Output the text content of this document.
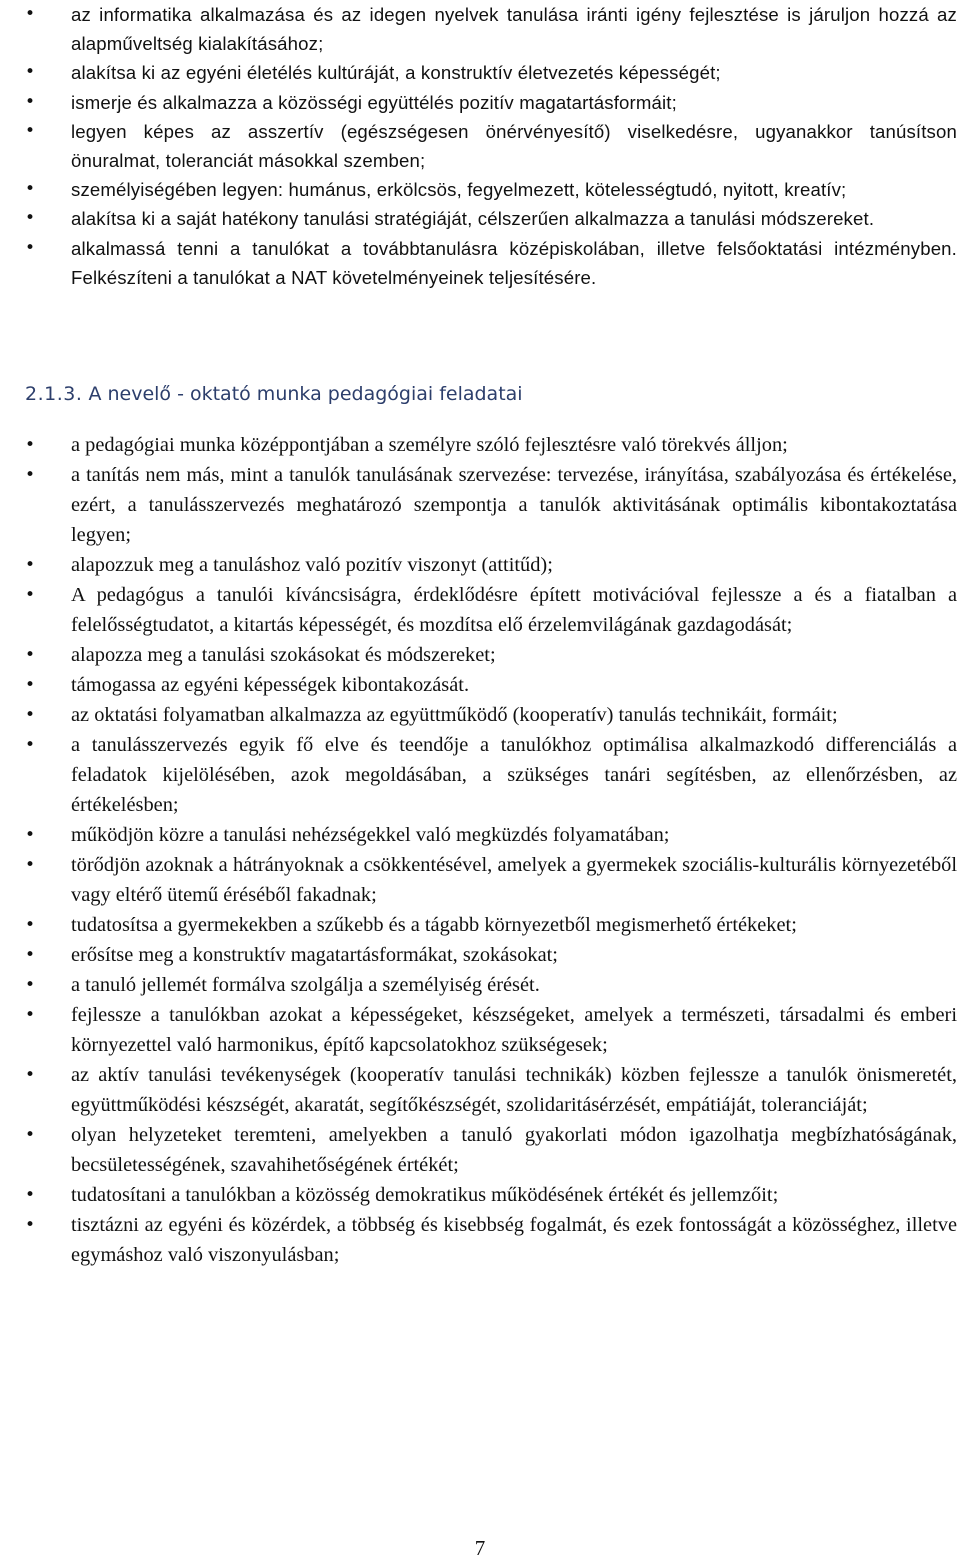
• az informatika alkalmazása és az idegen nyelvek tanulása iránti igény fejlesztése is járuljon hozzá az alapműveltség kialakításához;
• alakítsa ki az egyéni életélés kultúráját, a konstruktív életvezetés képességét;
• ismerje és alkalmazza a közösségi együttélés pozitív magatartásformáit;
• legyen képes az asszertív (egészségesen önérvényesítő) viselkedésre, ugyanakkor tanúsítson önuralmat, toleranciát másokkal szemben;
• személyiségében legyen: humánus, erkölcsös, fegyelmezett, kötelességtudó, nyitott, kreatív;
• alakítsa ki a saját hatékony tanulási stratégiáját, célszerűen alkalmazza a tanulási módszereket.
• alkalmassá tenni a tanulókat a továbbtanulásra középiskolában, illetve felsőoktatási intézményben. Felkészíteni a tanulókat a NAT követelményeinek teljesítésére.
2.1.3. A nevelő - oktató munka pedagógiai feladatai
• a pedagógiai munka középpontjában a személyre szóló fejlesztésre való törekvés álljon;
• a tanítás nem más, mint a tanulók tanulásának szervezése: tervezése, irányítása, szabályozása és értékelése, ezért, a tanulásszervezés meghatározó szempontja a tanulók aktivitásának optimális kibontakoztatása legyen;
• alapozzuk meg a tanuláshoz való pozitív viszonyt (attitűd);
• A pedagógus a tanulói kíváncsiságra, érdeklődésre épített motivációval fejlessze a és a fiatalban a felelősségtudatot, a kitartás képességét, és mozdítsa elő érzelemvilágának gazdagodását;
• alapozza meg a tanulási szokásokat és módszereket;
• támogassa az egyéni képességek kibontakozását.
• az oktatási folyamatban alkalmazza az együttműködő (kooperatív) tanulás technikáit, formáit;
• a tanulásszervezés egyik fő elve és teendője a tanulókhoz optimálisa alkalmazkodó differenciálás a feladatok kijelölésében, azok megoldásában, a szükséges tanári segítésben, az ellenőrzésben, az értékelésben;
• működjön közre a tanulási nehézségekkel való megküzdés folyamatában;
• törődjön azoknak a hátrányoknak a csökkentésével, amelyek a gyermekek szociális-kulturális környezetéből vagy eltérő ütemű éréséből fakadnak;
• tudatosítsa a gyermekekben a szűkebb és a tágabb környezetből megismerhető értékeket;
• erősítse meg a konstruktív magatartásformákat, szokásokat;
• a tanuló jellemét formálva szolgálja a személyiség érését.
• fejlessze a tanulókban azokat a képességeket, készségeket, amelyek a természeti, társadalmi és emberi környezettel való harmonikus, építő kapcsolatokhoz szükségesek;
• az aktív tanulási tevékenységek (kooperatív tanulási technikák) közben fejlessze a tanulók önismeretét, együttműködési készségét, akaratát, segítőkészségét, szolidaritásérzését, empátiáját, toleranciáját;
• olyan helyzeteket teremteni, amelyekben a tanuló gyakorlati módon igazolhatja megbízhatóságának, becsületességének, szavahihetőségének értékét;
• tudatosítani a tanulókban a közösség demokratikus működésének értékét és jellemzőit;
• tisztázni az egyéni és közérdek, a többség és kisebbség fogalmát, és ezek fontosságát a közösséghez, illetve egymáshoz való viszonyulásban;
7
